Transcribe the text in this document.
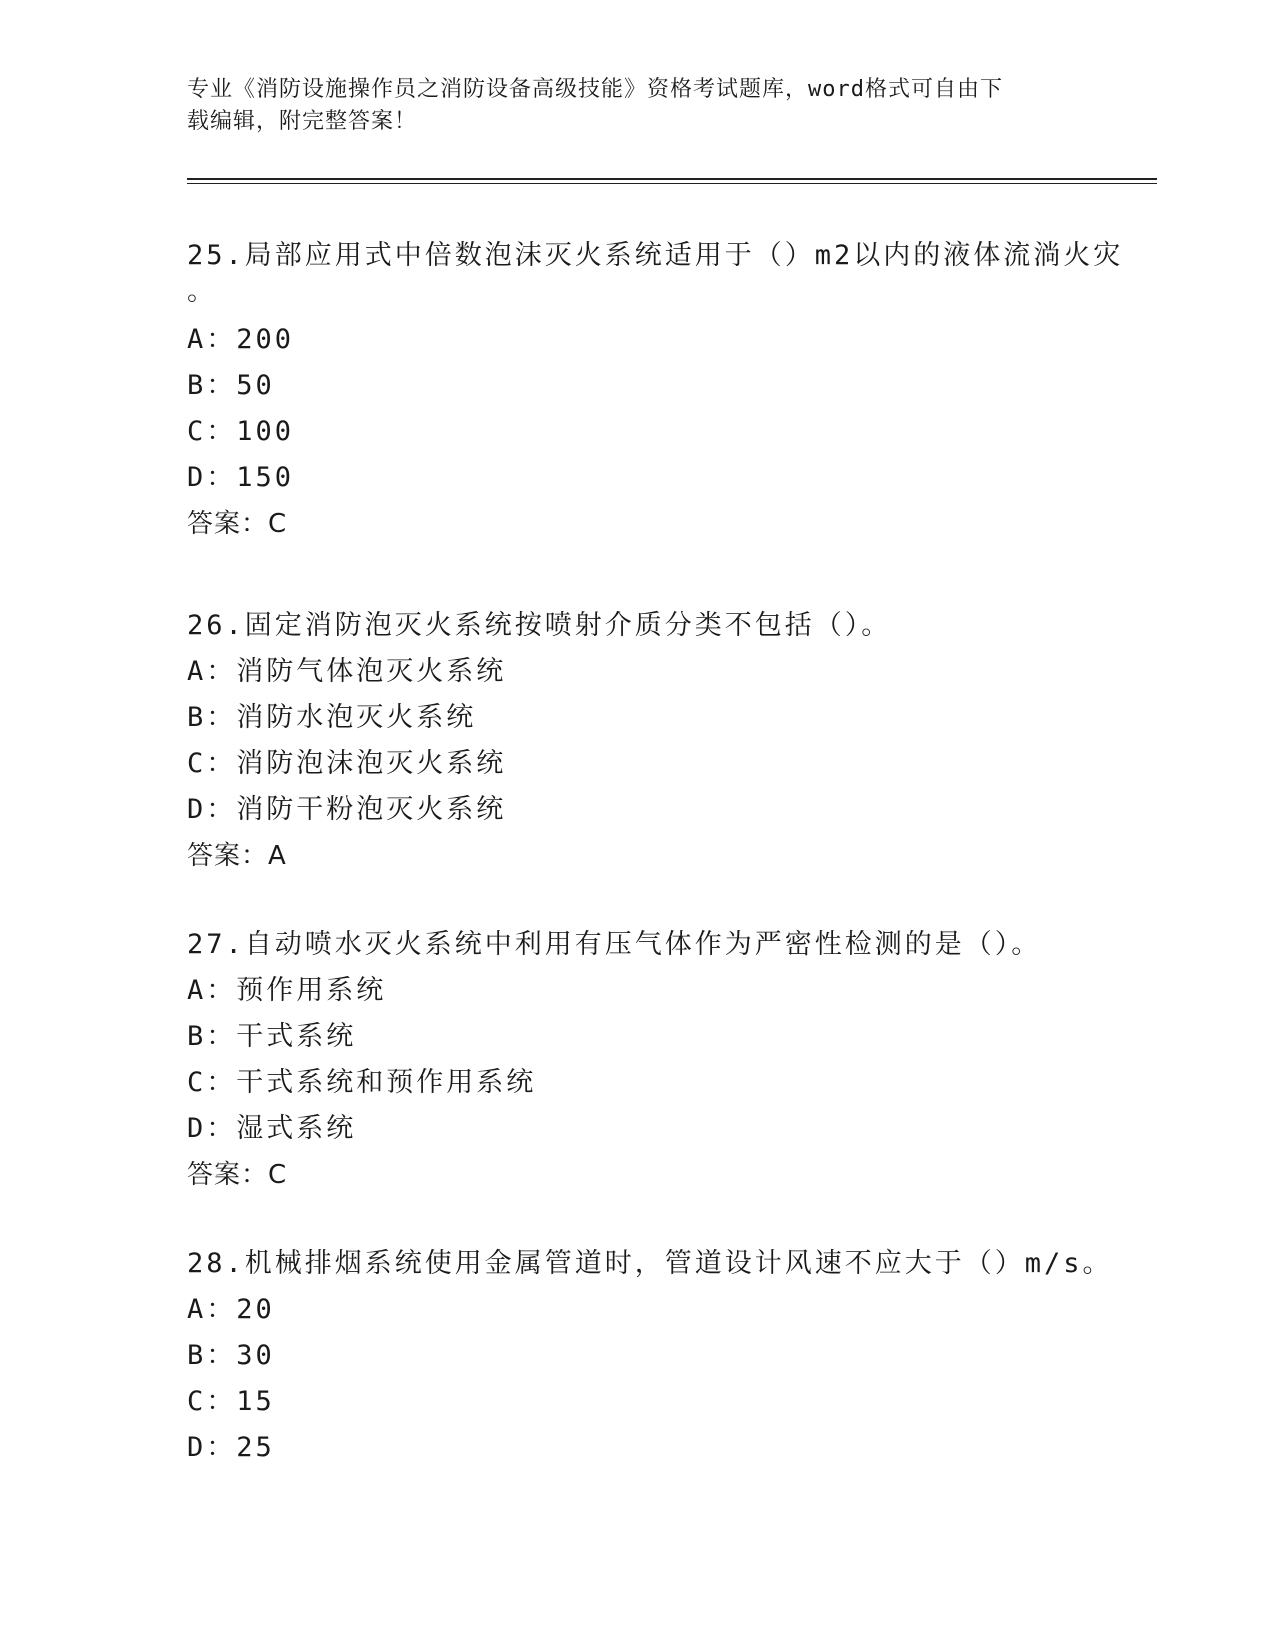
专业《消防设施操作员之消防设备高级技能》资格考试题库，word格式可自由下
载编辑，附完整答案！
25.局部应用式中倍数泡沫灭火系统适用于（）m2以内的液体流淌火灾
。
A：200
B：50
C：100
D：150
答案：C
26.固定消防泡灭火系统按喷射介质分类不包括（）。
A：消防气体泡灭火系统
B：消防水泡灭火系统
C：消防泡沫泡灭火系统
D：消防干粉泡灭火系统
答案：A
27.自动喷水灭火系统中利用有压气体作为严密性检测的是（）。
A：预作用系统
B：干式系统
C：干式系统和预作用系统
D：湿式系统
答案：C
28.机械排烟系统使用金属管道时，管道设计风速不应大于（）m/s。
A：20
B：30
C：15
D：25
